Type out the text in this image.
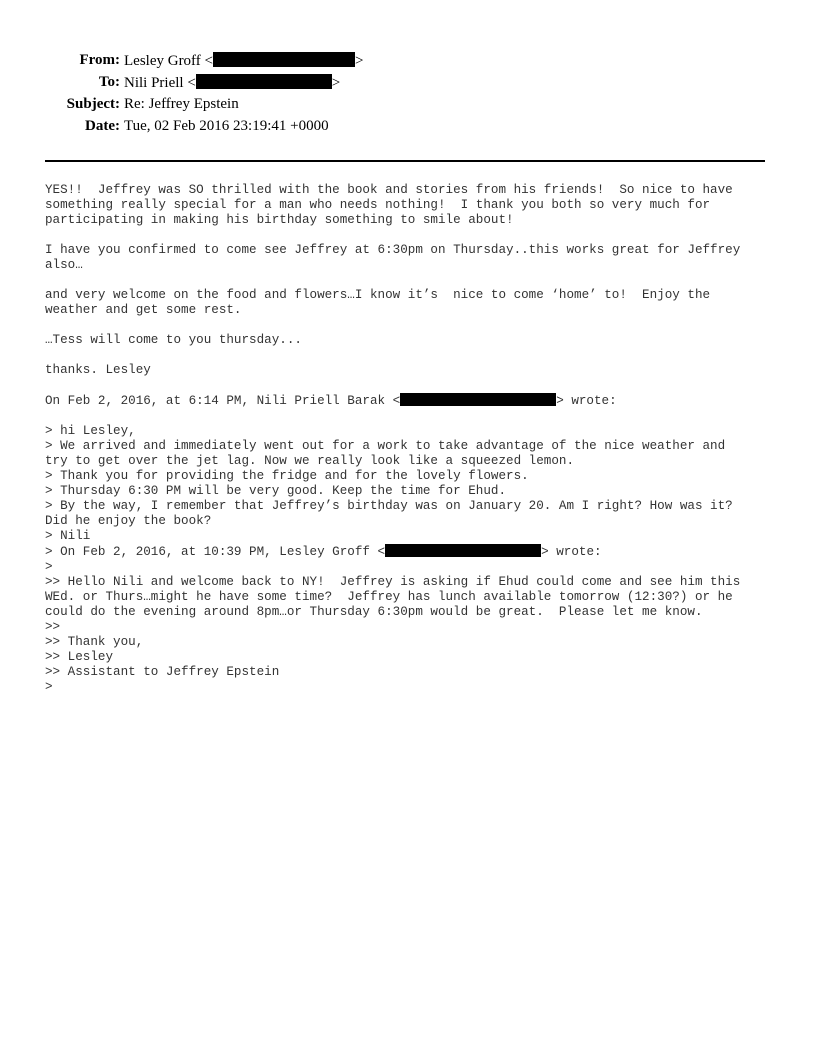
From: Lesley Groff <	>
To: Nili Priell <	>
Subject: Re: Jeffrey Epstein
Date: Tue, 02 Feb 2016 23:19:41 +0000

YES!!  Jeffrey was SO thrilled with the book and stories from his friends!  So nice to have
something really special for a man who needs nothing!  I thank you both so very much for
participating in making his birthday something to smile about!

I have you confirmed to come see Jeffrey at 6:30pm on Thursday..this works great for Jeffrey
also…

and very welcome on the food and flowers…I know it’s  nice to come ‘home’ to!  Enjoy the
weather and get some rest.

…Tess will come to you thursday...

thanks. Lesley

On Feb 2, 2016, at 6:14 PM, Nili Priell Barak <	> wrote:

> hi Lesley,
> We arrived and immediately went out for a work to take advantage of the nice weather and
try to get over the jet lag. Now we really look like a squeezed lemon.
> Thank you for providing the fridge and for the lovely flowers.
> Thursday 6:30 PM will be very good. Keep the time for Ehud.
> By the way, I remember that Jeffrey’s birthday was on January 20. Am I right? How was it?
Did he enjoy the book?
> Nili
> On Feb 2, 2016, at 10:39 PM, Lesley Groff <	> wrote:
>
>> Hello Nili and welcome back to NY!  Jeffrey is asking if Ehud could come and see him this
WEd. or Thurs…might he have some time?  Jeffrey has lunch available tomorrow (12:30?) or he
could do the evening around 8pm…or Thursday 6:30pm would be great.  Please let me know.
>>
>> Thank you,
>> Lesley
>> Assistant to Jeffrey Epstein
>
